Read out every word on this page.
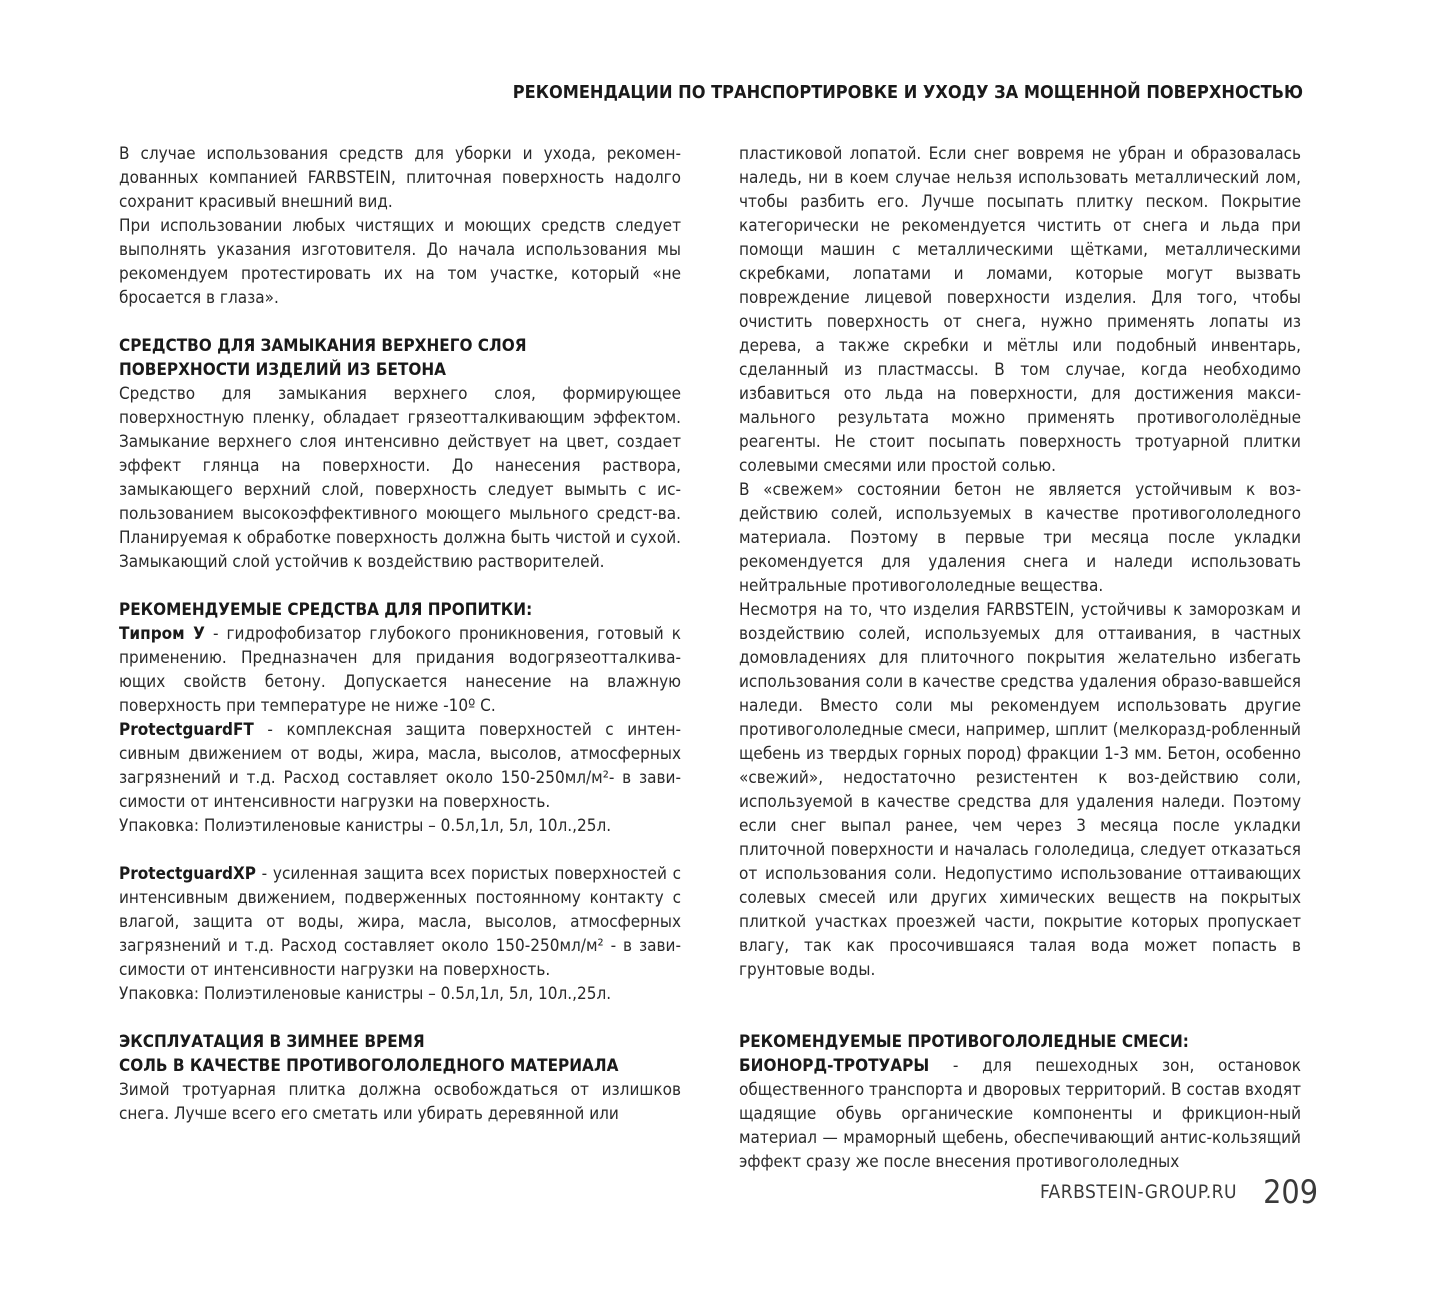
РЕКОМЕНДАЦИИ ПО ТРАНСПОРТИРОВКЕ И УХОДУ ЗА МОЩЕННОЙ ПОВЕРХНОСТЬЮ

В случае использования средств для уборки и ухода, рекомен-дованных компанией FARBSTEIN, плиточная поверхность надолго сохранит красивый внешний вид.

При использовании любых чистящих и моющих средств следует выполнять указания изготовителя. До начала использования мы рекомендуем протестировать их на том участке, который «не бросается в глаза».

СРЕДСТВО ДЛЯ ЗАМЫКАНИЯ ВЕРХНЕГО СЛОЯ
ПОВЕРХНОСТИ ИЗДЕЛИЙ ИЗ БЕТОНА

Средство для замыкания верхнего слоя, формирующее поверхностную пленку, обладает грязеотталкивающим эффектом. Замыкание верхнего слоя интенсивно действует на цвет, создает эффект глянца на поверхности. До нанесения раствора, замыкающего верхний слой, поверхность следует вымыть с ис-пользованием высокоэффективного моющего мыльного средст-ва. Планируемая к обработке поверхность должна быть чистой и сухой. Замыкающий слой устойчив к воздействию растворителей.

РЕКОМЕНДУЕМЫЕ СРЕДСТВА ДЛЯ ПРОПИТКИ:

Типром У - гидрофобизатор глубокого проникновения, готовый к применению. Предназначен для придания водогрязеотталкива-ющих свойств бетону. Допускается нанесение на влажную поверхность при температуре не ниже -10º С.

ProtectguardFT - комплексная защита поверхностей с интен-сивным движением от воды, жира, масла, высолов, атмосферных загрязнений и т.д. Расход составляет около 150-250мл/м²- в зави-симости от интенсивности нагрузки на поверхность.

Упаковка: Полиэтиленовые канистры – 0.5л,1л, 5л, 10л.,25л.

ProtectguardXP - усиленная защита всех пористых поверхностей с интенсивным движением, подверженных постоянному контакту с влагой, защита от воды, жира, масла, высолов, атмосферных загрязнений и т.д. Расход составляет около 150-250мл/м² - в зави-симости от интенсивности нагрузки на поверхность.

Упаковка: Полиэтиленовые канистры – 0.5л,1л, 5л, 10л.,25л.

ЭКСПЛУАТАЦИЯ В ЗИМНЕЕ ВРЕМЯ
СОЛЬ В КАЧЕСТВЕ ПРОТИВОГОЛОЛЕДНОГО МАТЕРИАЛА

Зимой тротуарная плитка должна освобождаться от излишков снега. Лучше всего его сметать или убирать деревянной или

пластиковой лопатой. Если снег вовремя не убран и образовалась наледь, ни в коем случае нельзя использовать металлический лом, чтобы разбить его. Лучше посыпать плитку песком. Покрытие категорически не рекомендуется чистить от снега и льда при помощи машин с металлическими щётками, металлическими скребками, лопатами и ломами, которые могут вызвать повреждение лицевой поверхности изделия. Для того, чтобы очистить поверхность от снега, нужно применять лопаты из дерева, а также скребки и мётлы или подобный инвентарь, сделанный из пластмассы. В том случае, когда необходимо избавиться ото льда на поверхности, для достижения макси-мального результата можно применять противогололёдные реагенты. Не стоит посыпать поверхность тротуарной плитки солевыми смесями или простой солью.

В «свежем» состоянии бетон не является устойчивым к воз-действию солей, используемых в качестве противогололедного материала. Поэтому в первые три месяца после укладки рекомендуется для удаления снега и наледи использовать нейтральные противогололедные вещества.

Несмотря на то, что изделия FARBSTEIN, устойчивы к заморозкам и воздействию солей, используемых для оттаивания, в частных домовладениях для плиточного покрытия желательно избегать использования соли в качестве средства удаления образо-вавшейся наледи. Вместо соли мы рекомендуем использовать другие противогололедные смеси, например, шплит (мелкоразд-робленный щебень из твердых горных пород) фракции 1-3 мм. Бетон, особенно «свежий», недостаточно резистентен к воз-действию соли, используемой в качестве средства для удаления наледи. Поэтому если снег выпал ранее, чем через 3 месяца после укладки плиточной поверхности и началась гололедица, следует отказаться от использования соли. Недопустимо использование оттаивающих солевых смесей или других химических веществ на покрытых плиткой участках проезжей части, покрытие которых пропускает влагу, так как просочившаяся талая вода может попасть в грунтовые воды.

РЕКОМЕНДУЕМЫЕ ПРОТИВОГОЛОЛЕДНЫЕ СМЕСИ:

БИОНОРД-ТРОТУАРЫ - для пешеходных зон, остановок общественного транспорта и дворовых территорий. В состав входят щадящие обувь органические компоненты и фрикцион-ный материал — мраморный щебень, обеспечивающий антис-кользящий эффект сразу же после внесения противогололедных

FARBSTEIN-GROUP.RU 209
